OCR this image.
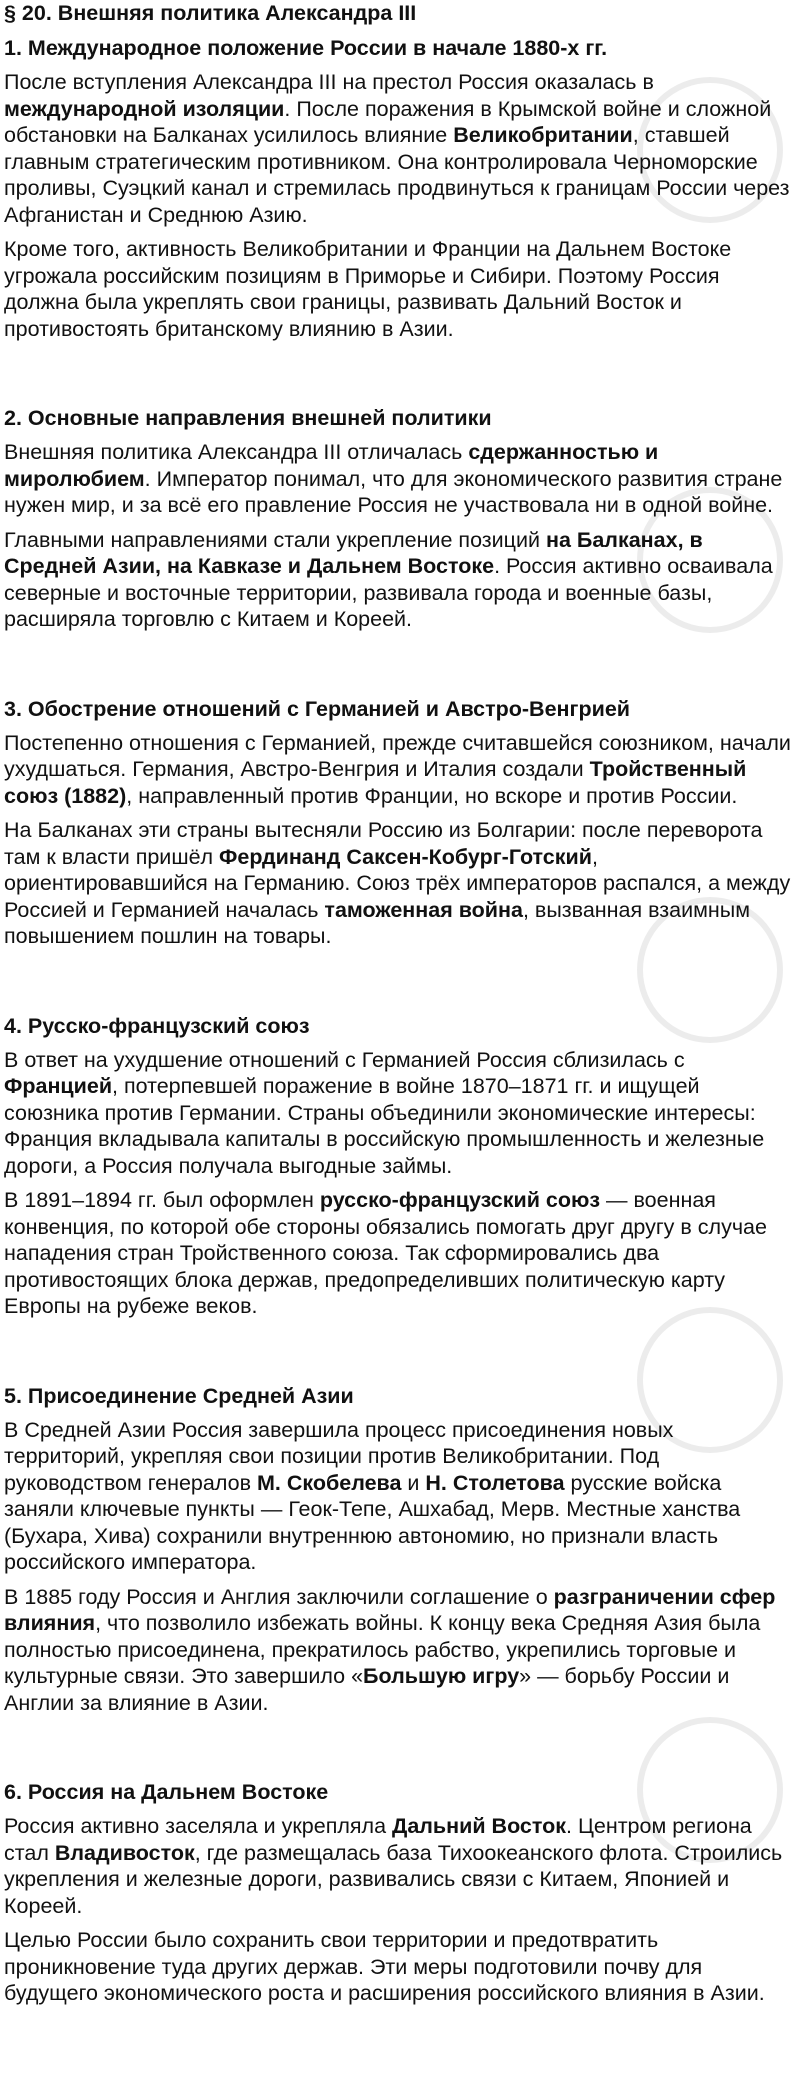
§ 20. Внешняя политика Александра III
1. Международное положение России в начале 1880-х гг.

После вступления Александра III на престол Россия оказалась в международной изоляции. После поражения в Крымской войне и сложной обстановки на Балканах усилилось влияние Великобритании, ставшей главным стратегическим противником. Она контролировала Черноморские проливы, Суэцкий канал и стремилась продвинуться к границам России через Афганистан и Среднюю Азию.

Кроме того, активность Великобритании и Франции на Дальнем Востоке угрожала российским позициям в Приморье и Сибири. Поэтому Россия должна была укреплять свои границы, развивать Дальний Восток и противостоять британскому влиянию в Азии.

2. Основные направления внешней политики

Внешняя политика Александра III отличалась сдержанностью и миролюбием. Император понимал, что для экономического развития стране нужен мир, и за всё его правление Россия не участвовала ни в одной войне.

Главными направлениями стали укрепление позиций на Балканах, в Средней Азии, на Кавказе и Дальнем Востоке. Россия активно осваивала северные и восточные территории, развивала города и военные базы, расширяла торговлю с Китаем и Кореей.

3. Обострение отношений с Германией и Австро-Венгрией

Постепенно отношения с Германией, прежде считавшейся союзником, начали ухудшаться. Германия, Австро-Венгрия и Италия создали Тройственный союз (1882), направленный против Франции, но вскоре и против России.

На Балканах эти страны вытесняли Россию из Болгарии: после переворота там к власти пришёл Фердинанд Саксен-Кобург-Готский, ориентировавшийся на Германию. Союз трёх императоров распался, а между Россией и Германией началась таможенная война, вызванная взаимным повышением пошлин на товары.

4. Русско-французский союз

В ответ на ухудшение отношений с Германией Россия сблизилась с Францией, потерпевшей поражение в войне 1870–1871 гг. и ищущей союзника против Германии. Страны объединили экономические интересы: Франция вкладывала капиталы в российскую промышленность и железные дороги, а Россия получала выгодные займы.

В 1891–1894 гг. был оформлен русско-французский союз — военная конвенция, по которой обе стороны обязались помогать друг другу в случае нападения стран Тройственного союза. Так сформировались два противостоящих блока держав, предопределивших политическую карту Европы на рубеже веков.

5. Присоединение Средней Азии

В Средней Азии Россия завершила процесс присоединения новых территорий, укрепляя свои позиции против Великобритании. Под руководством генералов М. Скобелева и Н. Столетова русские войска заняли ключевые пункты — Геок-Тепе, Ашхабад, Мерв. Местные ханства (Бухара, Хива) сохранили внутреннюю автономию, но признали власть российского императора.

В 1885 году Россия и Англия заключили соглашение о разграничении сфер влияния, что позволило избежать войны. К концу века Средняя Азия была полностью присоединена, прекратилось рабство, укрепились торговые и культурные связи. Это завершило «Большую игру» — борьбу России и Англии за влияние в Азии.

6. Россия на Дальнем Востоке

Россия активно заселяла и укрепляла Дальний Восток. Центром региона стал Владивосток, где размещалась база Тихоокеанского флота. Строились укрепления и железные дороги, развивались связи с Китаем, Японией и Кореей.

Целью России было сохранить свои территории и предотвратить проникновение туда других держав. Эти меры подготовили почву для будущего экономического роста и расширения российского влияния в Азии.
